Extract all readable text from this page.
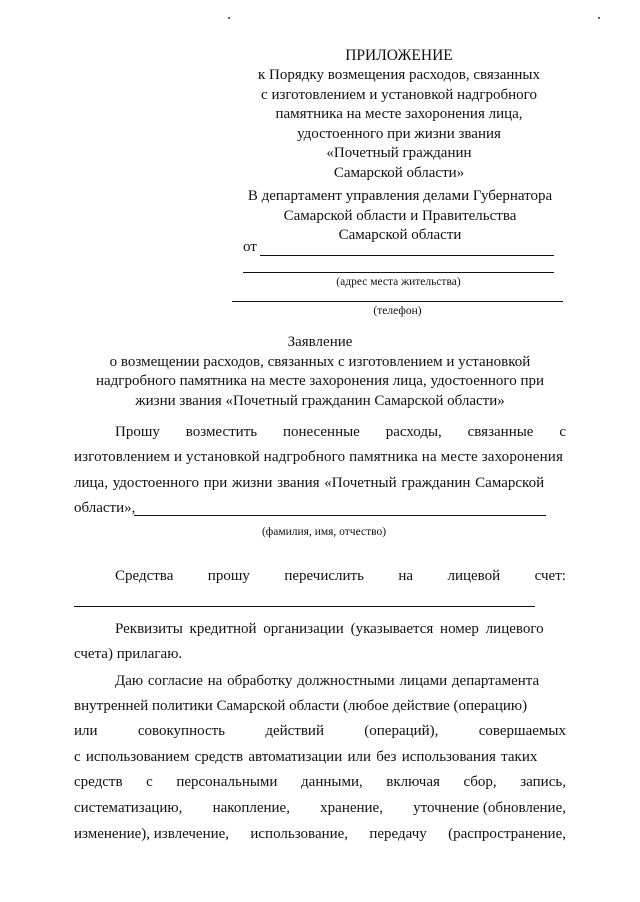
ПРИЛОЖЕНИЕ
к Порядку возмещения расходов, связанных
с изготовлением и установкой надгробного
памятника на месте захоронения лица,
удостоенного при жизни звания
«Почетный гражданин
Самарской области»
В департамент управления делами Губернатора
Самарской области и Правительства
Самарской области
от
(адрес места жительства)
(телефон)
Заявление
о возмещении расходов, связанных с изготовлением и установкой
надгробного памятника на месте захоронения лица, удостоенного при
жизни звания «Почетный гражданин Самарской области»
Прошу возместить понесенные расходы, связанные с
изготовлением и установкой надгробного памятника на месте захоронения
лица, удостоенного при жизни звания «Почетный гражданин Самарской
области»,
(фамилия, имя, отчество)
Средства прошу перечислить на лицевой счет:
Реквизиты кредитной организации (указывается номер лицевого
счета) прилагаю.
Даю согласие на обработку должностными лицами департамента
внутренней политики Самарской области (любое действие (операцию)
или	совокупность	действий	(операций),	совершаемых
с использованием средств автоматизации или без использования таких
средств с персональными данными, включая сбор, запись,
систематизацию, накопление, хранение, уточнение (обновление,
изменение), извлечение, использование, передачу (распространение,
